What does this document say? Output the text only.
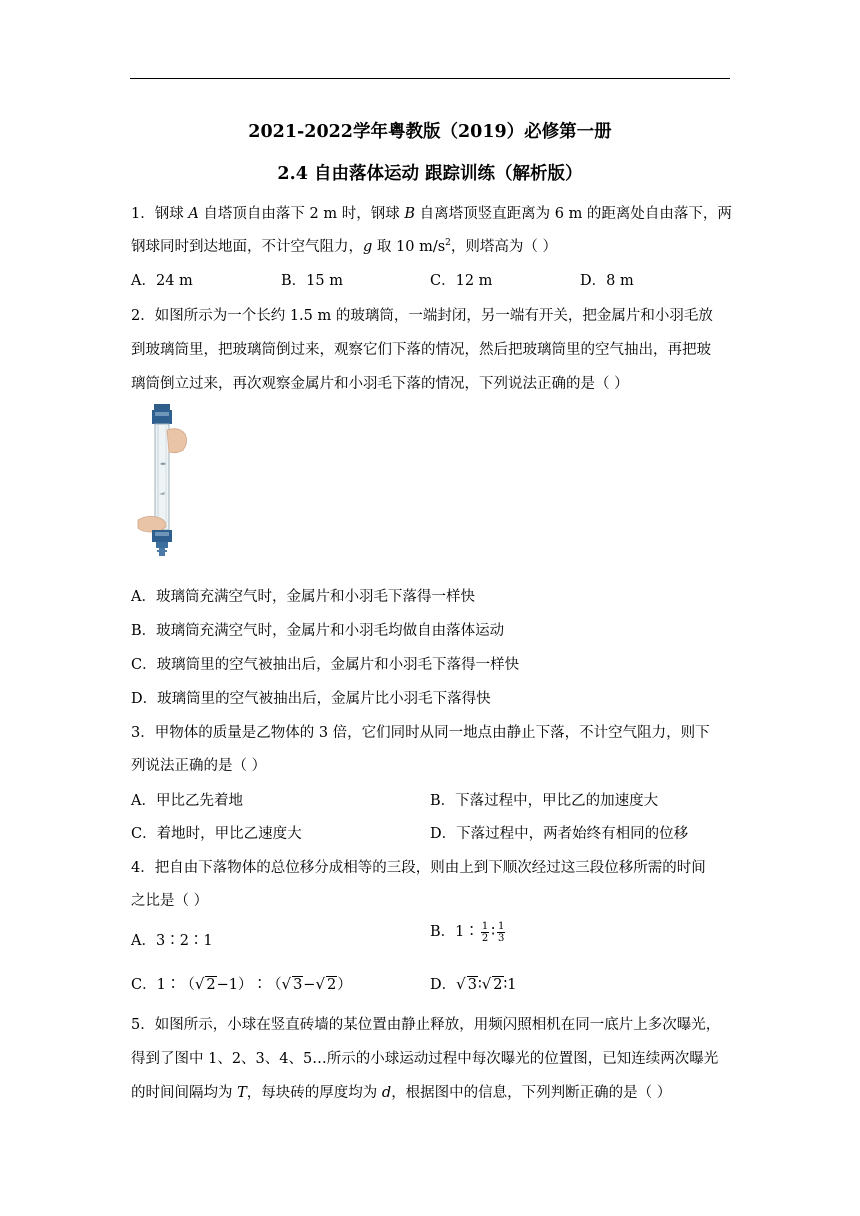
2021-2022学年粤教版（2019）必修第一册
2.4 自由落体运动 跟踪训练（解析版）
1．钢球 A 自塔顶自由落下 2 m 时，钢球 B 自离塔顶竖直距离为 6 m 的距离处自由落下，两
钢球同时到达地面，不计空气阻力，g 取 10 $m/s^2$，则塔高为（ ）
A．24 m	B．15 m	C．12 m	D．8 m
2．如图所示为一个长约 1.5 m 的玻璃筒，一端封闭，另一端有开关，把金属片和小羽毛放
到玻璃筒里，把玻璃筒倒过来，观察它们下落的情况，然后把玻璃筒里的空气抽出，再把玻
璃筒倒立过来，再次观察金属片和小羽毛下落的情况，下列说法正确的是（ ）
A．玻璃筒充满空气时，金属片和小羽毛下落得一样快
B．玻璃筒充满空气时，金属片和小羽毛均做自由落体运动
C．玻璃筒里的空气被抽出后，金属片和小羽毛下落得一样快
D．玻璃筒里的空气被抽出后，金属片比小羽毛下落得快
3．甲物体的质量是乙物体的 3 倍，它们同时从同一地点由静止下落，不计空气阻力，则下
列说法正确的是（ ）
A．甲比乙先着地	B．下落过程中，甲比乙的加速度大
C．着地时，甲比乙速度大	D．下落过程中，两者始终有相同的位移
4．把自由下落物体的总位移分成相等的三段，则由上到下顺次经过这三段位移所需的时间
之比是（ ）
A．3∶2∶1
B．1∶ $\frac{1}{2}$ ∶ $\frac{1}{3}$
C．1∶（√ 2−1）∶（√ 3−√ 2）	D．√ 3∶√ 2∶1
5．如图所示，小球在竖直砖墙的某位置由静止释放，用频闪照相机在同一底片上多次曝光，
得到了图中 1、2、3、4、5…所示的小球运动过程中每次曝光的位置图，已知连续两次曝光
的时间间隔均为 T，每块砖的厚度均为 d，根据图中的信息，下列判断正确的是（ ）
